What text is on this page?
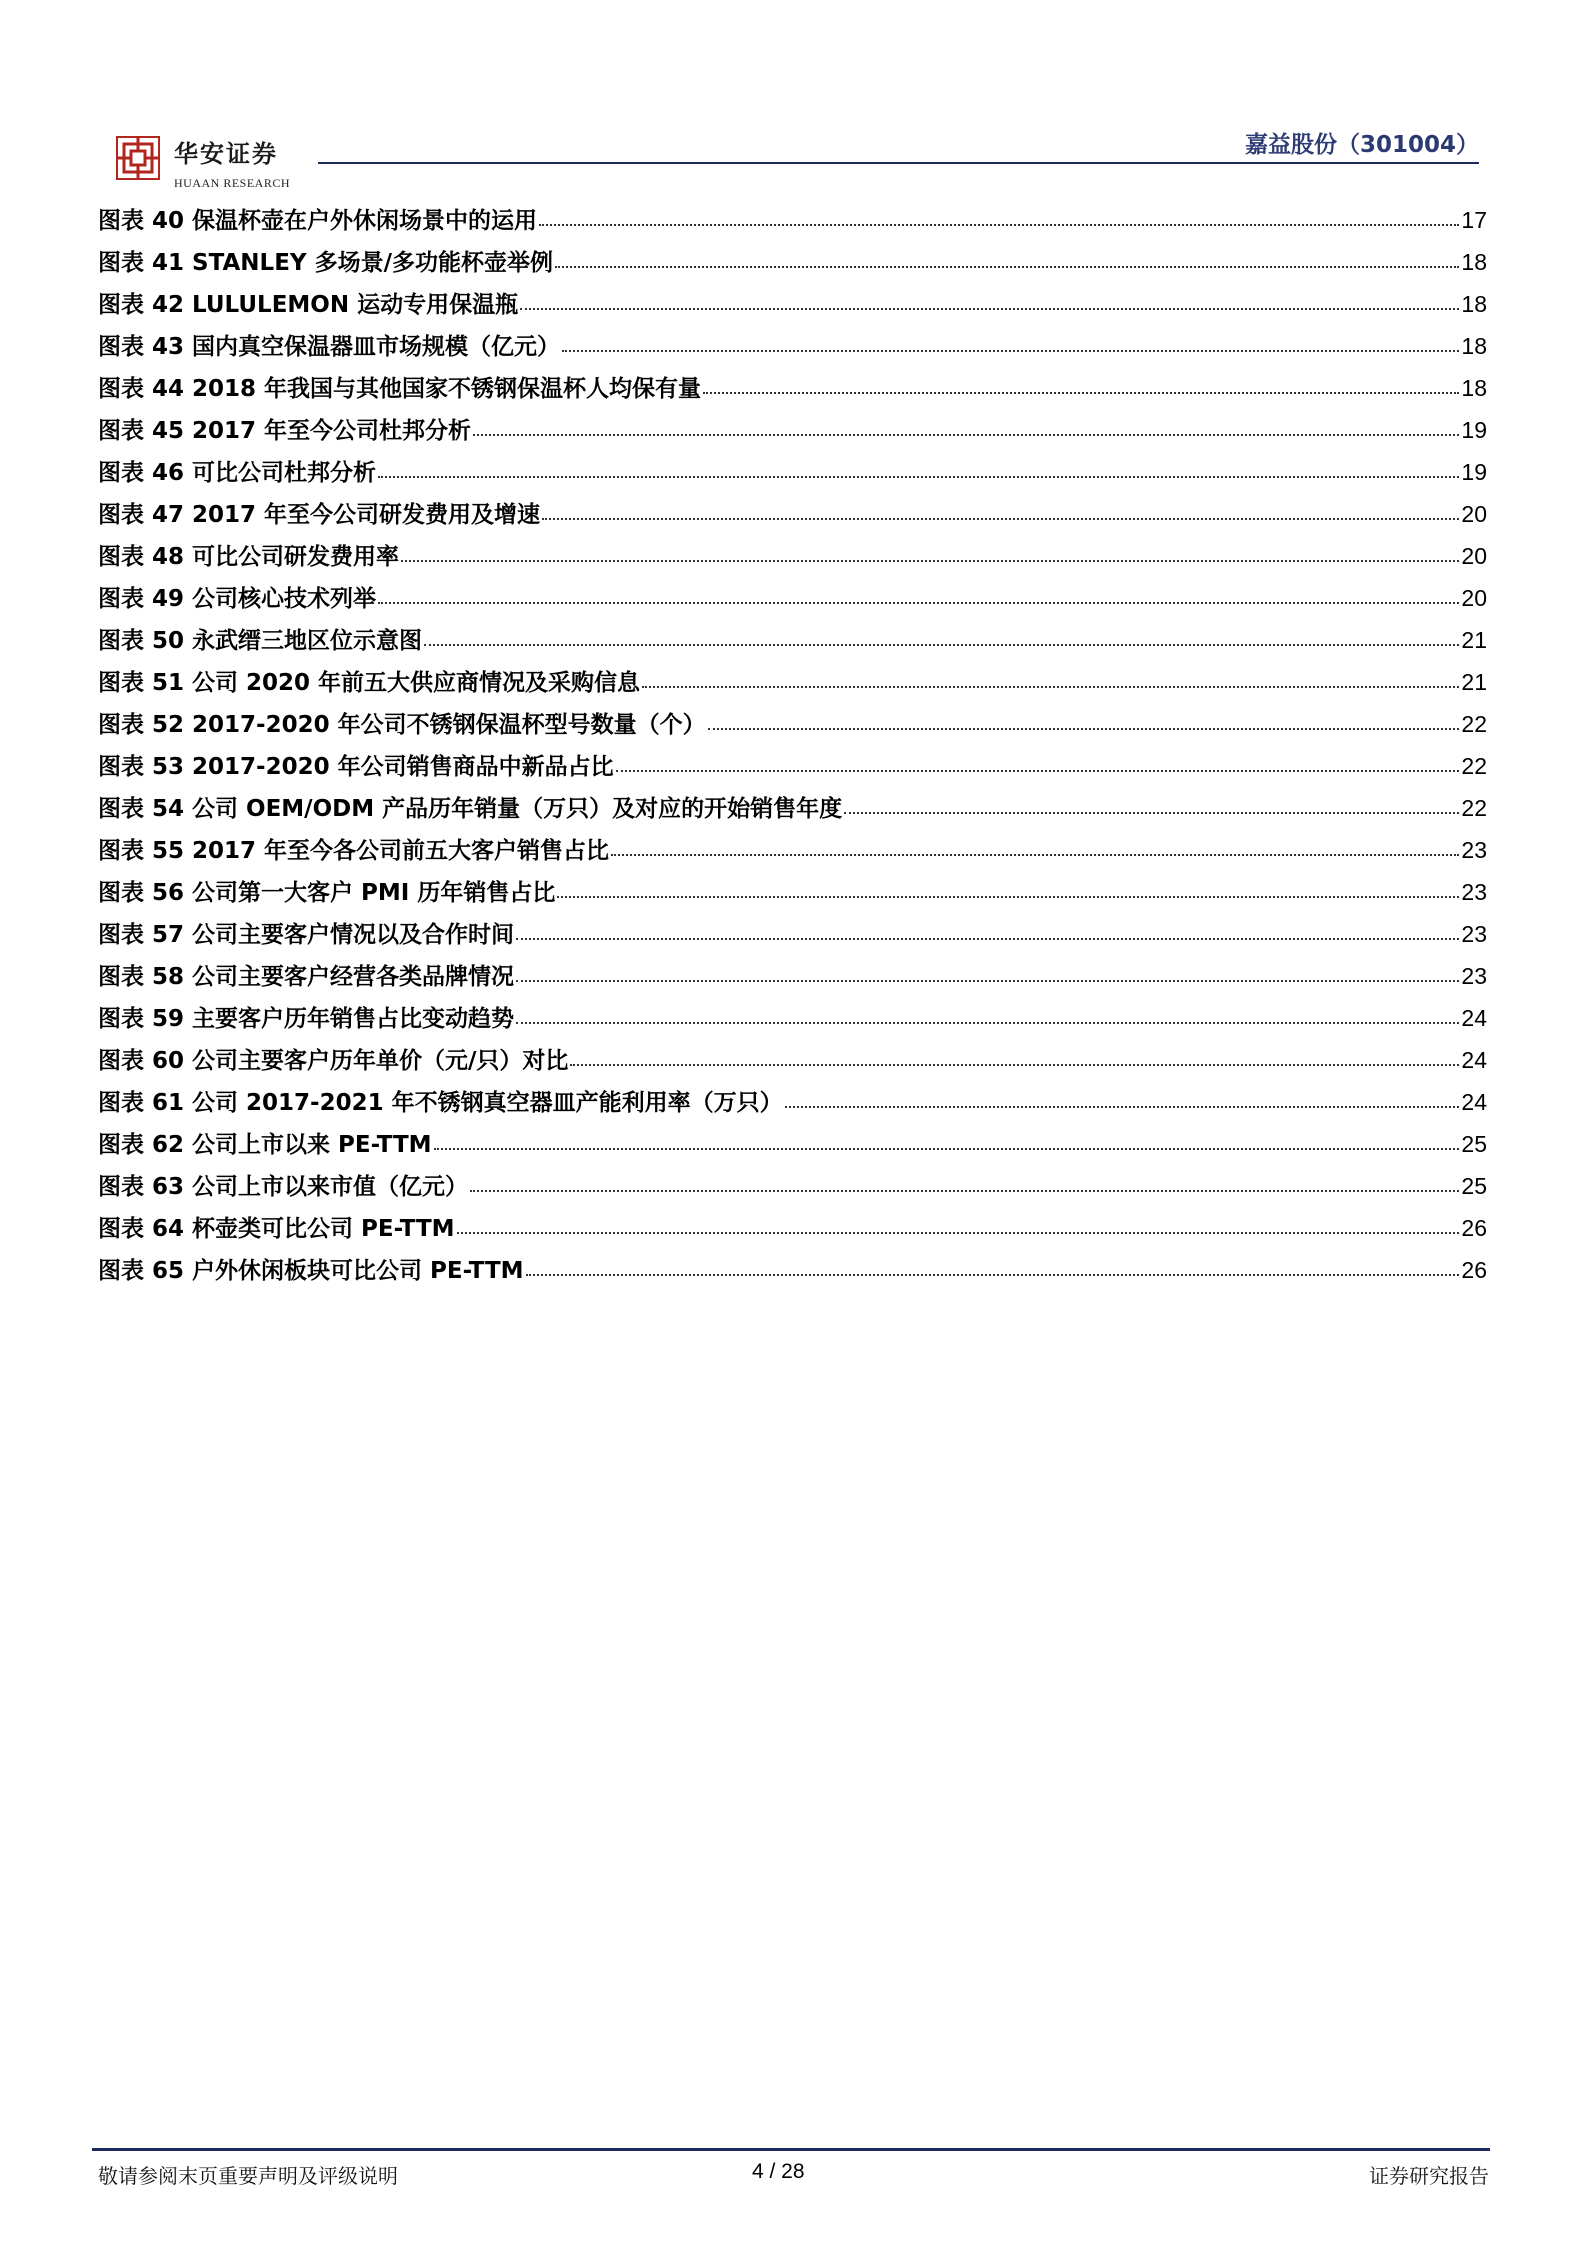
华安证券
HUAAN RESEARCH
嘉益股份（301004）
图表 40 保温杯壶在户外休闲场景中的运用	17
图表 41 STANLEY 多场景/多功能杯壶举例	18
图表 42 LULULEMON 运动专用保温瓶	18
图表 43 国内真空保温器皿市场规模（亿元）	18
图表 44 2018 年我国与其他国家不锈钢保温杯人均保有量	18
图表 45 2017 年至今公司杜邦分析	19
图表 46 可比公司杜邦分析	19
图表 47 2017 年至今公司研发费用及增速	20
图表 48 可比公司研发费用率	20
图表 49 公司核心技术列举	20
图表 50 永武缙三地区位示意图	21
图表 51 公司 2020 年前五大供应商情况及采购信息	21
图表 52 2017-2020 年公司不锈钢保温杯型号数量（个）	22
图表 53 2017-2020 年公司销售商品中新品占比	22
图表 54 公司 OEM/ODM 产品历年销量（万只）及对应的开始销售年度	22
图表 55 2017 年至今各公司前五大客户销售占比	23
图表 56 公司第一大客户 PMI 历年销售占比	23
图表 57 公司主要客户情况以及合作时间	23
图表 58 公司主要客户经营各类品牌情况	23
图表 59 主要客户历年销售占比变动趋势	24
图表 60 公司主要客户历年单价（元/只）对比	24
图表 61 公司 2017-2021 年不锈钢真空器皿产能利用率（万只）	24
图表 62 公司上市以来 PE-TTM	25
图表 63 公司上市以来市值（亿元）	25
图表 64 杯壶类可比公司 PE-TTM	26
图表 65 户外休闲板块可比公司 PE-TTM	26
敬请参阅末页重要声明及评级说明	4 / 28	证券研究报告
